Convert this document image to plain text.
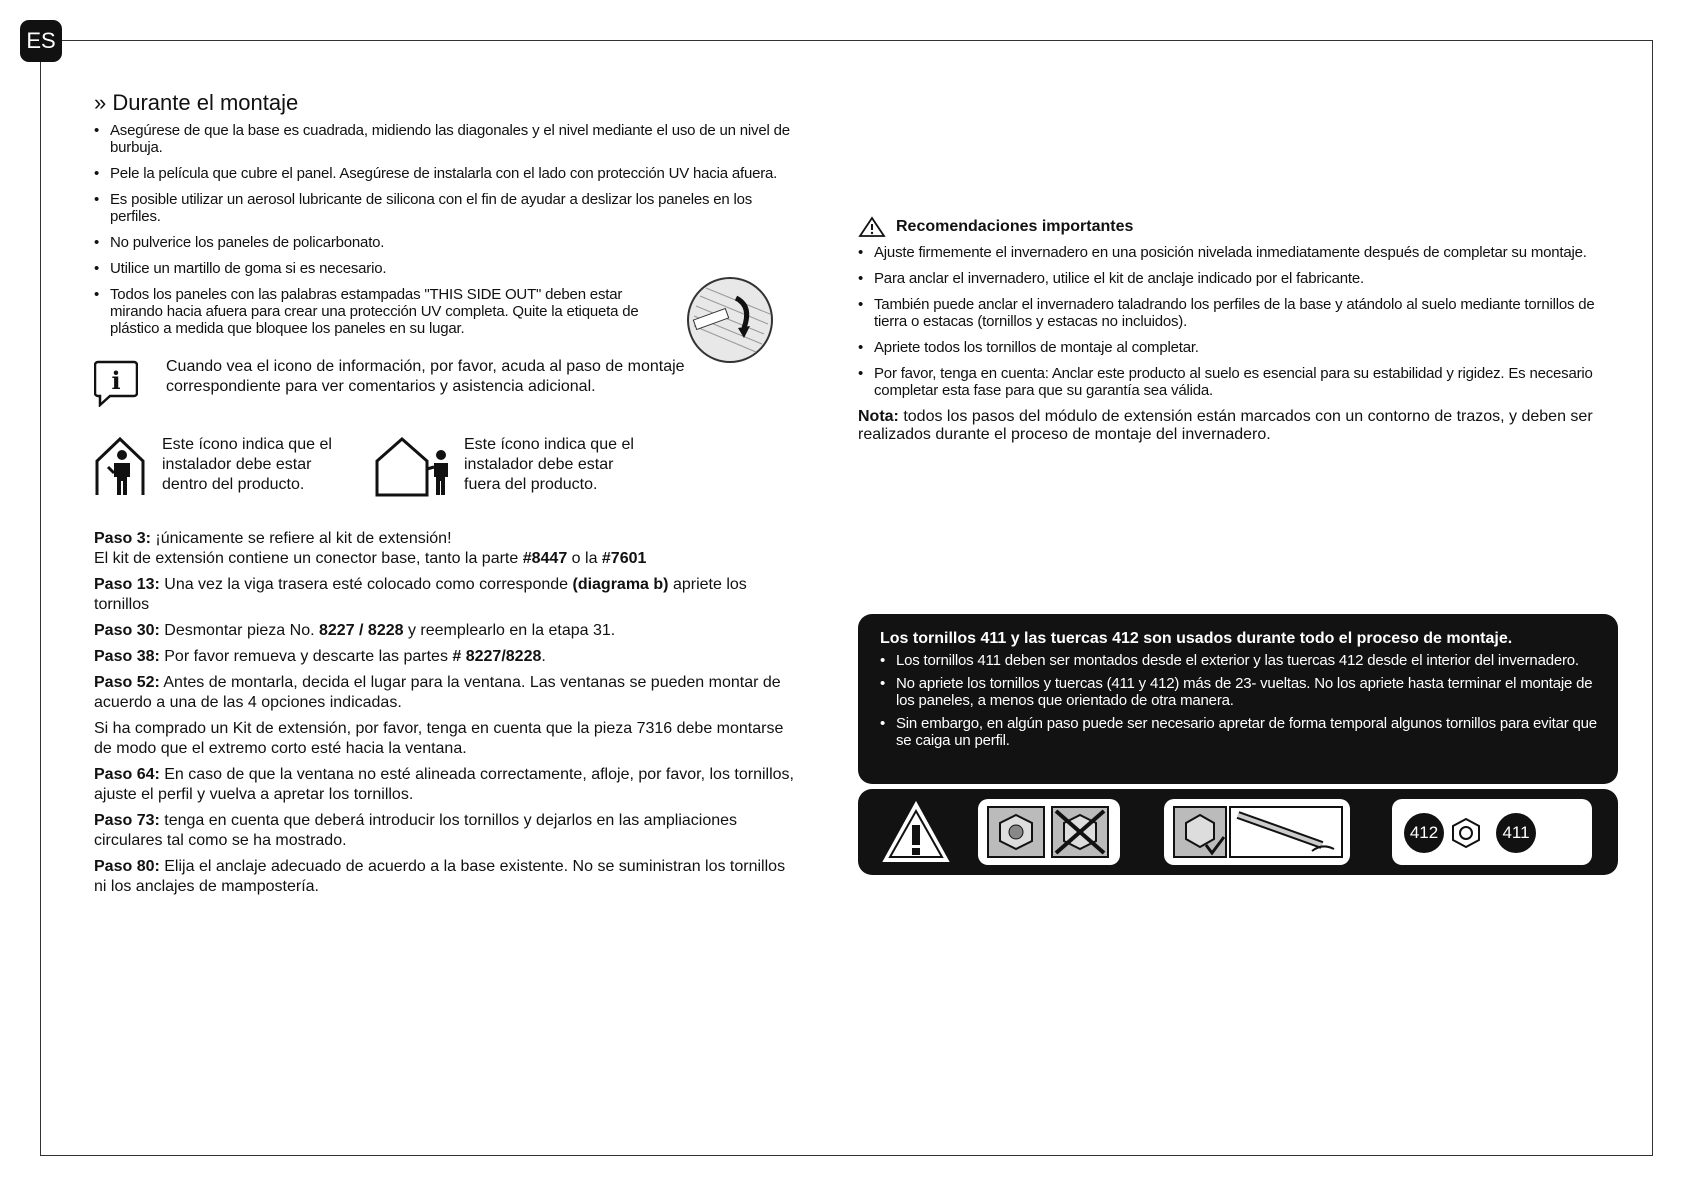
ES
» Durante el montaje
• Asegúrese de que la base es cuadrada, midiendo las diagonales y el nivel mediante el uso de un nivel de burbuja.
• Pele la película que cubre el panel. Asegúrese de instalarla con el lado con protección UV hacia afuera.
• Es posible utilizar un aerosol lubricante de silicona con el fin de ayudar a deslizar los paneles en los perfiles.
• No pulverice los paneles de policarbonato.
• Utilice un martillo de goma si es necesario.
• Todos los paneles con las palabras estampadas "THIS SIDE OUT" deben estar mirando hacia afuera para crear una protección UV completa. Quite la etiqueta de plástico a medida que bloquee los paneles en su lugar.
i	Cuando vea el icono de información, por favor, acuda al paso de montaje correspondiente para ver comentarios y asistencia adicional.
Este ícono indica que el instalador debe estar dentro del producto.
Este ícono indica que el instalador debe estar fuera del producto.

Paso 3: ¡únicamente se refiere al kit de extensión!
El kit de extensión contiene un conector base, tanto la parte #8447 o la #7601

Paso 13: Una vez la viga trasera esté colocado como corresponde (diagrama b) apriete los tornillos

Paso 30: Desmontar pieza No. 8227 / 8228 y reemplearlo en la etapa 31.

Paso 38: Por favor remueva y descarte las partes # 8227/8228.

Paso 52: Antes de montarla, decida el lugar para la ventana. Las ventanas se pueden montar de acuerdo a una de las 4 opciones indicadas.

Si ha comprado un Kit de extensión, por favor, tenga en cuenta que la pieza 7316 debe montarse de modo que el extremo corto esté hacia la ventana.

Paso 64: En caso de que la ventana no esté alineada correctamente, afloje, por favor, los tornillos, ajuste el perfil y vuelva a apretar los tornillos.

Paso 73: tenga en cuenta que deberá introducir los tornillos y dejarlos en las ampliaciones circulares tal como se ha mostrado.

Paso 80: Elija el anclaje adecuado de acuerdo a la base existente. No se suministran los tornillos ni los anclajes de mampostería.

Recomendaciones importantes
• Ajuste firmemente el invernadero en una posición nivelada inmediatamente después de completar su montaje.
• Para anclar el invernadero, utilice el kit de anclaje indicado por el fabricante.
• También puede anclar el invernadero taladrando los perfiles de la base y atándolo al suelo mediante tornillos de tierra o estacas (tornillos y estacas no incluidos).
• Apriete todos los tornillos de montaje al completar.
• Por favor, tenga en cuenta: Anclar este producto al suelo es esencial para su estabilidad y rigidez. Es necesario completar esta fase para que su garantía sea válida.

Nota: todos los pasos del módulo de extensión están marcados con un contorno de trazos, y deben ser realizados durante el proceso de montaje del invernadero.

Los tornillos 411 y las tuercas 412 son usados durante todo el proceso de montaje.
• Los tornillos 411 deben ser montados desde el exterior y las tuercas 412 desde el interior del invernadero.
• No apriete los tornillos y tuercas (411 y 412) más de 23- vueltas. No los apriete hasta terminar el montaje de los paneles, a menos que orientado de otra manera.
• Sin embargo, en algún paso puede ser necesario apretar de forma temporal algunos tornillos para evitar que se caiga un perfil.
412	411
